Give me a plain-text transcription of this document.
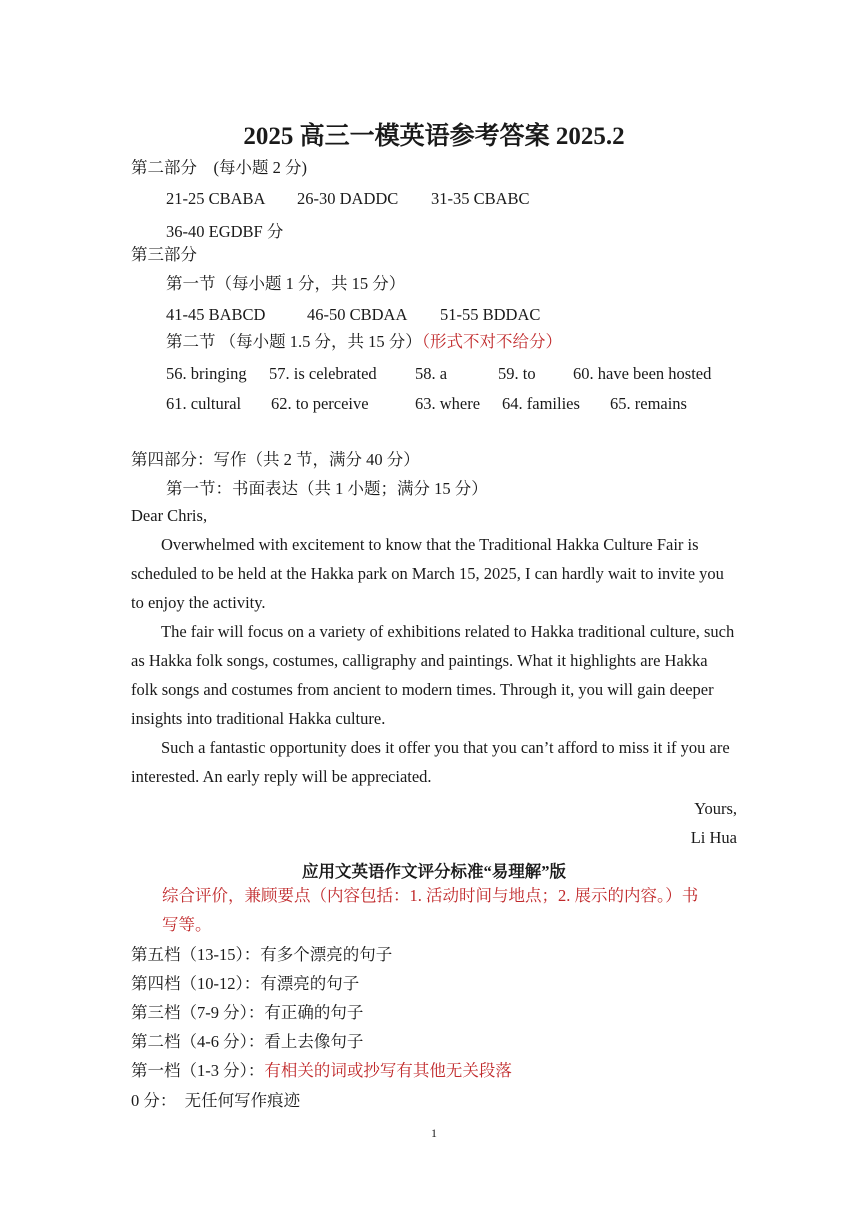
2025 高三一模英语参考答案 2025.2
第二部分　(每小题 2 分)
21-25 CBABA 26-30 DADDC 31-35 CBABC
36-40 EGDBF 分
第三部分
第一节（每小题 1 分，共 15 分）
41-45 BABCD	46-50 CBDAA 51-55 BDDAC
第二节 （每小题 1.5 分，共 15 分）（形式不对不给分）
56. bringing 57. is celebrated 58. a	59. to 60. have been hosted
61. cultural 62. to perceive	63. where 64. families 65. remains
第四部分：写作（共 2 节，满分 40 分）
第一节：书面表达（共 1 小题；满分 15 分）
Dear Chris,
Overwhelmed with excitement to know that the Traditional Hakka Culture Fair is scheduled to be held at the Hakka park on March 15, 2025, I can hardly wait to invite you to enjoy the activity.
The fair will focus on a variety of exhibitions related to Hakka traditional culture, such as Hakka folk songs, costumes, calligraphy and paintings. What it highlights are Hakka folk songs and costumes from ancient to modern times. Through it, you will gain deeper insights into traditional Hakka culture.
Such a fantastic opportunity does it offer you that you can’t afford to miss it if you are interested. An early reply will be appreciated.
Yours,
Li Hua
应用文英语作文评分标准“易理解”版
综合评价，兼顾要点（内容包括：1. 活动时间与地点；2. 展示的内容。）书
写等。
第五档（13-15）：有多个漂亮的句子
第四档（10-12）：有漂亮的句子
第三档（7-9 分）：有正确的句子
第二档（4-6 分）：看上去像句子
第一档（1-3 分）：有相关的词或抄写有其他无关段落
0 分：　无任何写作痕迹
1
